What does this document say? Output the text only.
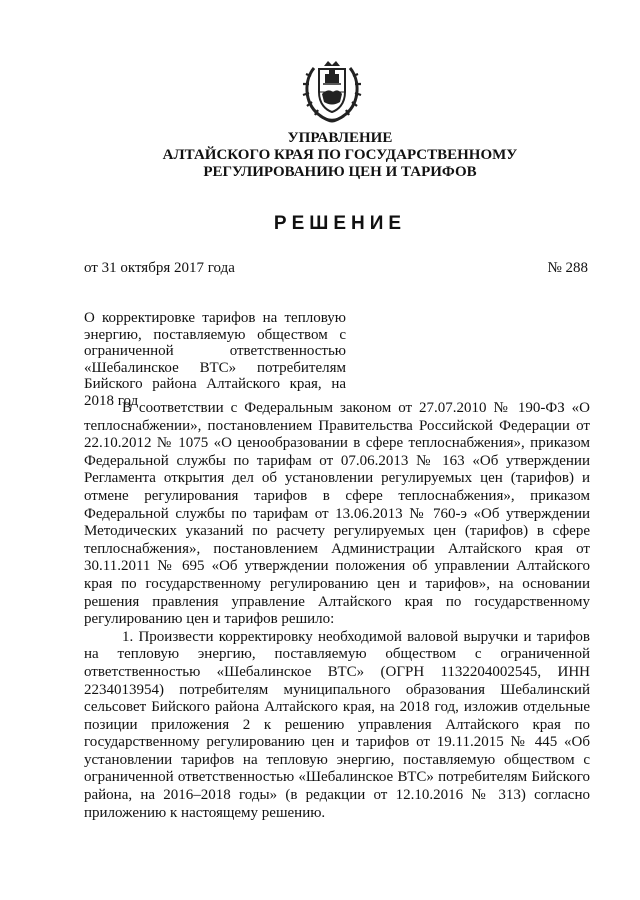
УПРАВЛЕНИЕ
АЛТАЙСКОГО КРАЯ ПО ГОСУДАРСТВЕННОМУ
РЕГУЛИРОВАНИЮ ЦЕН И ТАРИФОВ
РЕШЕНИЕ
от 31 октября 2017 года	№ 288
О корректировке тарифов на тепловую энергию, поставляемую обществом с ограниченной ответственностью «Шебалинское ВТС» потребителям Бийского района Алтайского края, на 2018 год

В соответствии с Федеральным законом от 27.07.2010 № 190-ФЗ «О теплоснабжении», постановлением Правительства Российской Федерации от 22.10.2012 № 1075 «О ценообразовании в сфере теплоснабжения», приказом Федеральной службы по тарифам от 07.06.2013 № 163 «Об утверждении Регламента открытия дел об установлении регулируемых цен (тарифов) и отмене регулирования тарифов в сфере теплоснабжения», приказом Федеральной службы по тарифам от 13.06.2013 № 760-э «Об утверждении Методических указаний по расчету регулируемых цен (тарифов) в сфере теплоснабжения», постановлением Администрации Алтайского края от 30.11.2011 № 695 «Об утверждении положения об управлении Алтайского края по государственному регулированию цен и тарифов», на основании решения правления управление Алтайского края по государственному регулированию цен и тарифов решило:

1. Произвести корректировку необходимой валовой выручки и тарифов на тепловую энергию, поставляемую обществом с ограниченной ответственностью «Шебалинское ВТС» (ОГРН 1132204002545, ИНН 2234013954) потребителям муниципального образования Шебалинский сельсовет Бийского района Алтайского края, на 2018 год, изложив отдельные позиции приложения 2 к решению управления Алтайского края по государственному регулированию цен и тарифов от 19.11.2015 № 445 «Об установлении тарифов на тепловую энергию, поставляемую обществом с ограниченной ответственностью «Шебалинское ВТС» потребителям Бийского района, на 2016–2018 годы» (в редакции от 12.10.2016 № 313) согласно приложению к настоящему решению.
